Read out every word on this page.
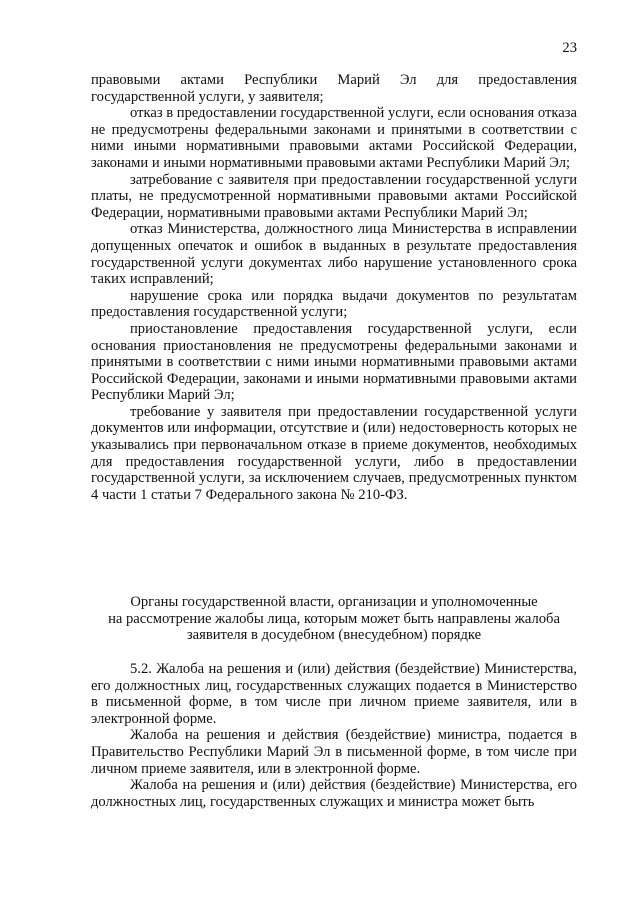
23

правовыми актами Республики Марий Эл для предоставления государственной услуги, у заявителя;

отказ в предоставлении государственной услуги, если основания отказа не предусмотрены федеральными законами и принятыми в соответствии с ними иными нормативными правовыми актами Российской Федерации, законами и иными нормативными правовыми актами Республики Марий Эл;

затребование с заявителя при предоставлении государственной услуги платы, не предусмотренной нормативными правовыми актами Российской Федерации, нормативными правовыми актами Республики Марий Эл;

отказ Министерства, должностного лица Министерства в исправлении допущенных опечаток и ошибок в выданных в результате предоставления государственной услуги документах либо нарушение установленного срока таких исправлений;

нарушение срока или порядка выдачи документов по результатам предоставления государственной услуги;

приостановление предоставления государственной услуги, если основания приостановления не предусмотрены федеральными законами и принятыми в соответствии с ними иными нормативными правовыми актами Российской Федерации, законами и иными нормативными правовыми актами Республики Марий Эл;

требование у заявителя при предоставлении государственной услуги документов или информации, отсутствие и (или) недостоверность которых не указывались при первоначальном отказе в приеме документов, необходимых для предоставления государственной услуги, либо в предоставлении государственной услуги, за исключением случаев, предусмотренных пунктом 4 части 1 статьи 7 Федерального закона № 210-ФЗ.

Органы государственной власти, организации и уполномоченные
на рассмотрение жалобы лица, которым может быть направлены жалоба
заявителя в досудебном (внесудебном) порядке

5.2. Жалоба на решения и (или) действия (бездействие) Министерства, его должностных лиц, государственных служащих подается в Министерство в письменной форме, в том числе при личном приеме заявителя, или в электронной форме.

Жалоба на решения и действия (бездействие) министра, подается в Правительство Республики Марий Эл в письменной форме, в том числе при личном приеме заявителя, или в электронной форме.

Жалоба на решения и (или) действия (бездействие) Министерства, его должностных лиц, государственных служащих и министра может быть
